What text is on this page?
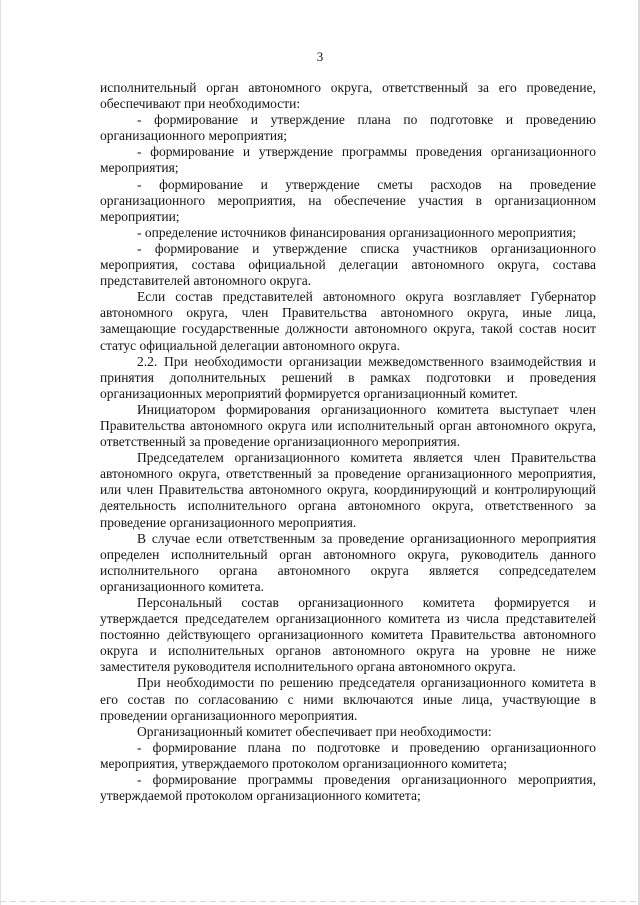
3

исполнительный орган автономного округа, ответственный за его проведение, обеспечивают при необходимости:

- формирование и утверждение плана по подготовке и проведению организационного мероприятия;

- формирование и утверждение программы проведения организационного мероприятия;

- формирование и утверждение сметы расходов на проведение организационного мероприятия, на обеспечение участия в организационном мероприятии;

- определение источников финансирования организационного мероприятия;

- формирование и утверждение списка участников организационного мероприятия, состава официальной делегации автономного округа, состава представителей автономного округа.

Если состав представителей автономного округа возглавляет Губернатор автономного округа, член Правительства автономного округа, иные лица, замещающие государственные должности автономного округа, такой состав носит статус официальной делегации автономного округа.

2.2. При необходимости организации межведомственного взаимодействия и принятия дополнительных решений в рамках подготовки и проведения организационных мероприятий формируется организационный комитет.

Инициатором формирования организационного комитета выступает член Правительства автономного округа или исполнительный орган автономного округа, ответственный за проведение организационного мероприятия.

Председателем организационного комитета является член Правительства автономного округа, ответственный за проведение организационного мероприятия, или член Правительства автономного округа, координирующий и контролирующий деятельность исполнительного органа автономного округа, ответственного за проведение организационного мероприятия.

В случае если ответственным за проведение организационного мероприятия определен исполнительный орган автономного округа, руководитель данного исполнительного органа автономного округа является сопредседателем организационного комитета.

Персональный состав организационного комитета формируется и утверждается председателем организационного комитета из числа представителей постоянно действующего организационного комитета Правительства автономного округа и исполнительных органов автономного округа на уровне не ниже заместителя руководителя исполнительного органа автономного округа.

При необходимости по решению председателя организационного комитета в его состав по согласованию с ними включаются иные лица, участвующие в проведении организационного мероприятия.

Организационный комитет обеспечивает при необходимости:

- формирование плана по подготовке и проведению организационного мероприятия, утверждаемого протоколом организационного комитета;

- формирование программы проведения организационного мероприятия, утверждаемой протоколом организационного комитета;
